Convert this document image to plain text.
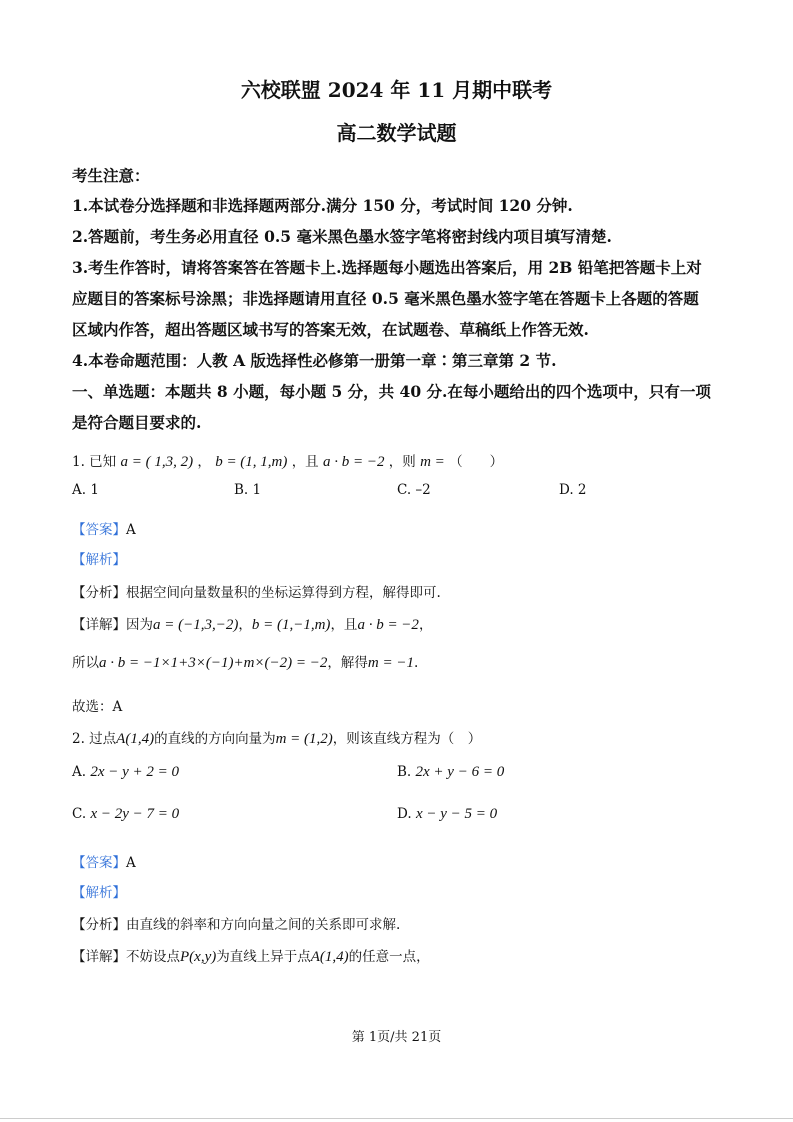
六校联盟 2024 年 11 月期中联考
高二数学试题
考生注意：
1.本试卷分选择题和非选择题两部分.满分 150 分，考试时间 120 分钟.
2.答题前，考生务必用直径 0.5 毫米黑色墨水签字笔将密封线内项目填写清楚.
3.考生作答时，请将答案答在答题卡上.选择题每小题选出答案后，用 2B 铅笔把答题卡上对
应题目的答案标号涂黑；非选择题请用直径 0.5 毫米黑色墨水签字笔在答题卡上各题的答题
区域内作答，超出答题区域书写的答案无效，在试题卷、草稿纸上作答无效.
4.本卷命题范围：人教 A 版选择性必修第一册第一章∶第三章第 2 节.
一、单选题：本题共 8 小题，每小题 5 分，共 40 分.在每小题给出的四个选项中，只有一项
是符合题目要求的.
1. 已知 a = ( 1,3, 2) ， b = (1, 1,m) ，且 a · b = −2 ，则 m = （　　）
A. 1	B. 1	C. –2	D. 2
【答案】A
【解析】
【分析】根据空间向量数量积的坐标运算得到方程，解得即可.
【详解】因为a = (−1,3,−2)，b = (1,−1,m)，且a · b = −2，
所以a · b = −1×1+3×(−1)+m×(−2) = −2，解得m = −1.
故选：A
2. 过点A(1,4)的直线的方向向量为m = (1,2)，则该直线方程为（　）
A. 2x − y + 2 = 0	B. 2x + y − 6 = 0
C. x − 2y − 7 = 0	D. x − y − 5 = 0
【答案】A
【解析】
【分析】由直线的斜率和方向向量之间的关系即可求解.
【详解】不妨设点P(x,y)为直线上异于点A(1,4)的任意一点，
第 1页/共 21页
